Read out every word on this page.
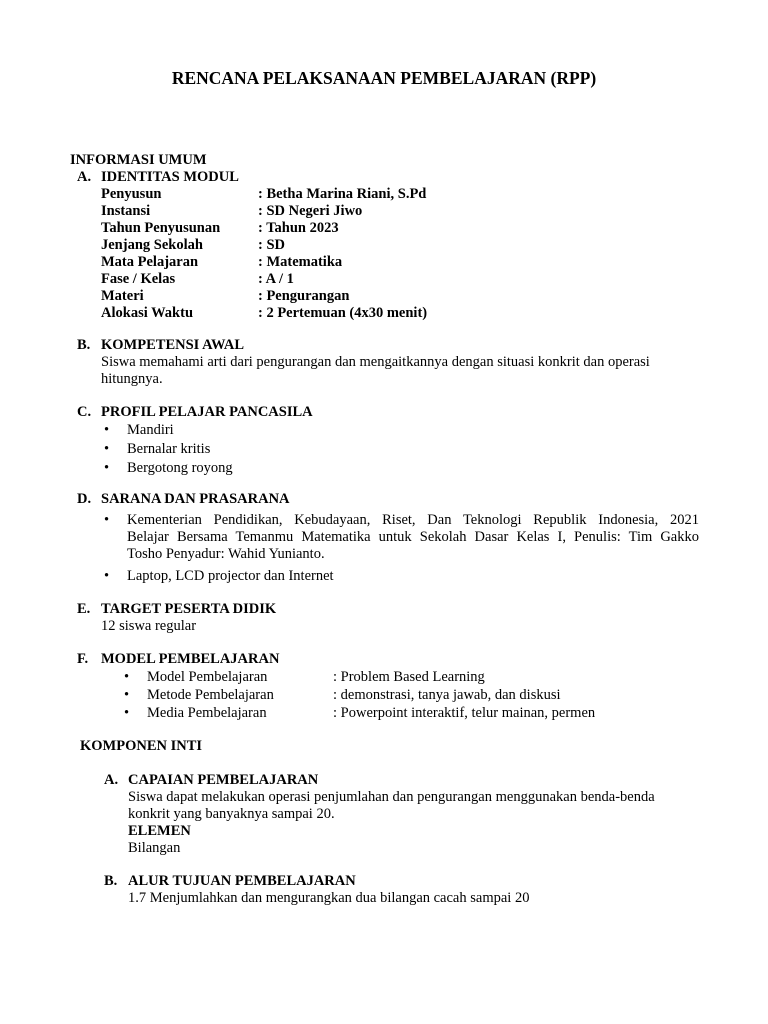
RENCANA PELAKSANAAN PEMBELAJARAN (RPP)
INFORMASI UMUM
A. IDENTITAS MODUL
Penyusun	: Betha Marina Riani, S.Pd
Instansi	: SD Negeri Jiwo
Tahun Penyusunan	: Tahun 2023
Jenjang Sekolah	: SD
Mata Pelajaran	: Matematika
Fase / Kelas	: A / 1
Materi	: Pengurangan
Alokasi Waktu	: 2 Pertemuan (4x30 menit)
B. KOMPETENSI AWAL
Siswa memahami arti dari pengurangan dan mengaitkannya dengan situasi konkrit dan operasi
hitungnya.
C. PROFIL PELAJAR PANCASILA
• Mandiri
• Bernalar kritis
• Bergotong royong
D. SARANA DAN PRASARANA
• Kementerian Pendidikan, Kebudayaan, Riset, Dan Teknologi Republik Indonesia, 2021
Belajar Bersama Temanmu Matematika untuk Sekolah Dasar Kelas I, Penulis: Tim Gakko
Tosho Penyadur: Wahid Yunianto.
• Laptop, LCD projector dan Internet
E. TARGET PESERTA DIDIK
12 siswa regular
F. MODEL PEMBELAJARAN
• Model Pembelajaran	: Problem Based Learning
• Metode Pembelajaran	: demonstrasi, tanya jawab, dan diskusi
• Media Pembelajaran	: Powerpoint interaktif, telur mainan, permen
KOMPONEN INTI
A. CAPAIAN PEMBELAJARAN
Siswa dapat melakukan operasi penjumlahan dan pengurangan menggunakan benda-benda
konkrit yang banyaknya sampai 20.
ELEMEN
Bilangan
B. ALUR TUJUAN PEMBELAJARAN
1.7 Menjumlahkan dan mengurangkan dua bilangan cacah sampai 20
